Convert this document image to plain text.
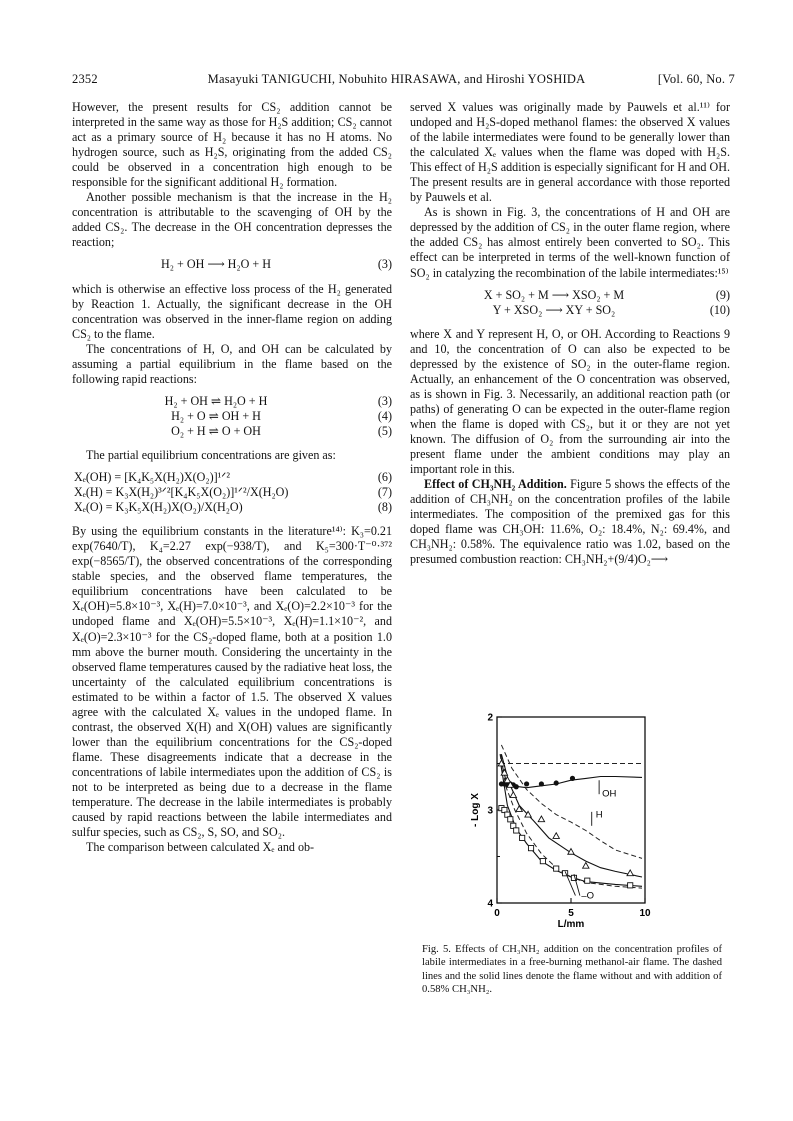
2352	Masayuki TANIGUCHI, Nobuhito HIRASAWA, and Hiroshi YOSHIDA	[Vol. 60, No. 7

However, the present results for CS₂ addition cannot be interpreted in the same way as those for H₂S addition; CS₂ cannot act as a primary source of H₂ because it has no H atoms. No hydrogen source, such as H₂S, originating from the added CS₂ could be observed in a concentration high enough to be responsible for the significant additional H₂ formation.

Another possible mechanism is that the increase in the H₂ concentration is attributable to the scavenging of OH by the added CS₂. The decrease in the OH concentration depresses the reaction;

H₂ + OH ⟶ H₂O + H	(3)

which is otherwise an effective loss process of the H₂ generated by Reaction 1. Actually, the significant decrease in the OH concentration was observed in the inner-flame region on adding CS₂ to the flame.

The concentrations of H, O, and OH can be calculated by assuming a partial equilibrium in the flame based on the following rapid reactions:

H₂ + OH ⇌ H₂O + H	(3)
H₂ + O ⇌ OH + H	(4)
O₂ + H ⇌ O + OH	(5)

The partial equilibrium concentrations are given as:

Xₑ(OH) = [K₄K₅X(H₂)X(O₂)]¹ᐟ²	(6)
Xₑ(H) = K₃X(H₂)³ᐟ²[K₄K₅X(O₂)]¹ᐟ²/X(H₂O)	(7)
Xₑ(O) = K₃K₅X(H₂)X(O₂)/X(H₂O)	(8)

By using the equilibrium constants in the literature¹⁴⁾: K₃=0.21 exp(7640/T), K₄=2.27 exp(−938/T), and K₅=300·T⁻⁰·³⁷² exp(−8565/T), the observed concentrations of the corresponding stable species, and the observed flame temperatures, the equilibrium concentrations have been calculated to be Xₑ(OH)=5.8×10⁻³, Xₑ(H)=7.0×10⁻³, and Xₑ(O)=2.2×10⁻³ for the undoped flame and Xₑ(OH)=5.5×10⁻³, Xₑ(H)=1.1×10⁻², and Xₑ(O)=2.3×10⁻³ for the CS₂-doped flame, both at a position 1.0 mm above the burner mouth. Considering the uncertainty in the observed flame temperatures caused by the radiative heat loss, the uncertainty of the calculated equilibrium concentrations is estimated to be within a factor of 1.5. The observed X values agree with the calculated Xₑ values in the undoped flame. In contrast, the observed X(H) and X(OH) values are significantly lower than the equilibrium concentrations for the CS₂-doped flame. These disagreements indicate that a decrease in the concentrations of labile intermediates upon the addition of CS₂ is not to be interpreted as being due to a decrease in the flame temperature. The decrease in the labile intermediates is probably caused by rapid reactions between the labile intermediates and sulfur species, such as CS₂, S, SO, and SO₂.

The comparison between calculated Xₑ and ob-

served X values was originally made by Pauwels et al.¹¹⁾ for undoped and H₂S-doped methanol flames: the observed X values of the labile intermediates were found to be generally lower than the calculated Xₑ values when the flame was doped with H₂S. This effect of H₂S addition is especially significant for H and OH. The present results are in general accordance with those reported by Pauwels et al.

As is shown in Fig. 3, the concentrations of H and OH are depressed by the addition of CS₂ in the outer flame region, where the added CS₂ has almost entirely been converted to SO₂. This effect can be interpreted in terms of the well-known function of SO₂ in catalyzing the recombination of the labile intermediates:¹⁵⁾

X + SO₂ + M ⟶ XSO₂ + M	(9)
Y + XSO₂ ⟶ XY + SO₂	(10)

where X and Y represent H, O, or OH. According to Reactions 9 and 10, the concentration of O can also be expected to be depressed by the existence of SO₂ in the outer-flame region. Actually, an enhancement of the O concentration was observed, as is shown in Fig. 3. Necessarily, an additional reaction path (or paths) of generating O can be expected in the outer-flame region when the flame is doped with CS₂, but it or they are not yet known. The diffusion of O₂ from the surrounding air into the present flame under the ambient conditions may play an important role in this.

Effect of CH₃NH₂ Addition. Figure 5 shows the effects of the addition of CH₃NH₂ on the concentration profiles of the labile intermediates. The composition of the premixed gas for this doped flame was CH₃OH: 11.6%, O₂: 18.4%, N₂: 69.4%, and CH₃NH₂: 0.58%. The equivalence ratio was 1.02, based on the presumed combustion reaction: CH₃NH₂+(9/4)O₂⟶

2
3
4
0	5	10
L/mm
- Log X	OH
H
–O
Fig. 5. Effects of CH₃NH₂ addition on the concentration profiles of labile intermediates in a free-burning methanol-air flame. The dashed lines and the solid lines denote the flame without and with addition of 0.58% CH₃NH₂.
